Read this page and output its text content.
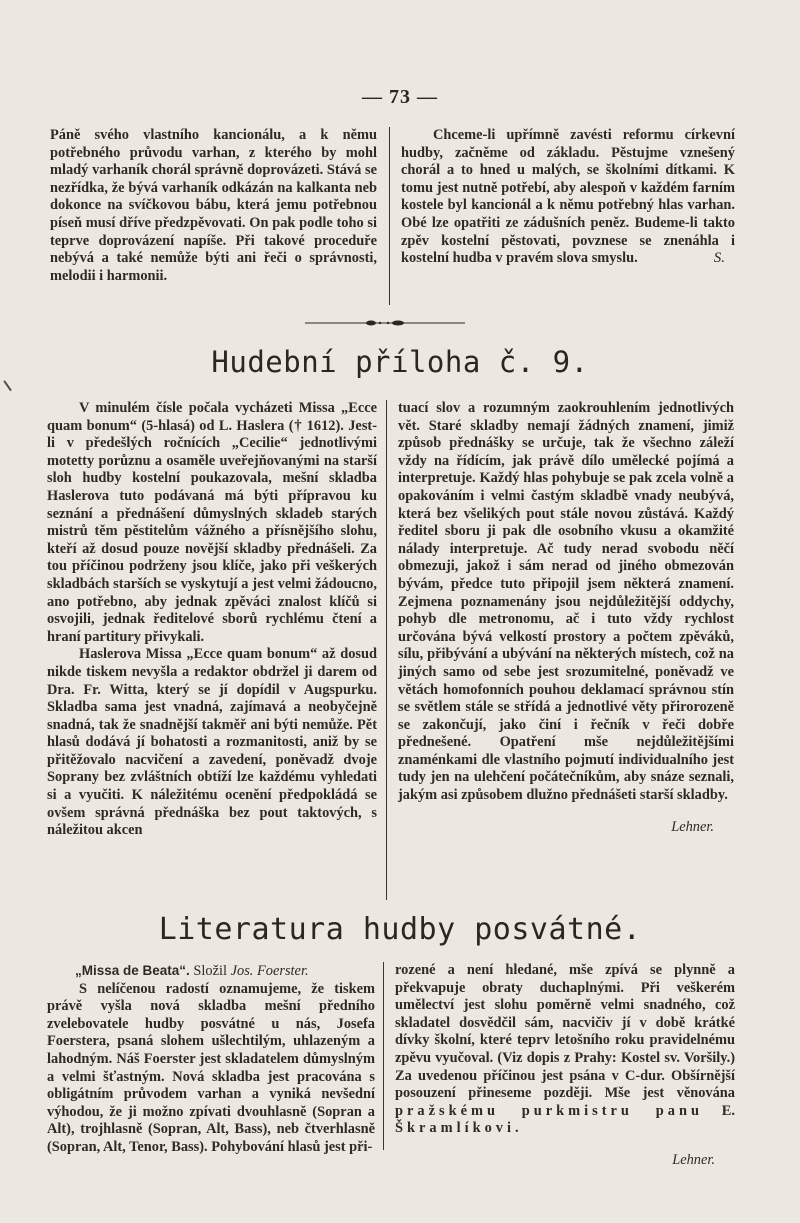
— 73 —

Páně svého vlastního kancionálu, a k němu potřebného průvodu varhan, z kterého by mohl mladý varhaník chorál správně doprovázeti. Stává se nezřídka, že bývá varhaník odkázán na kalkanta neb dokonce na svíčkovou bábu, která jemu potřebnou píseň musí dříve předzpěvovati. On pak podle toho si teprve doprovázení napíše. Při takové proceduře nebývá a také nemůže býti ani řeči o správnosti, melodii i harmonii.

Chceme-li upřímně zavésti reformu církevní hudby, začněme od základu. Pěstujme vznešený chorál a to hned u malých, se školními dítkami. K tomu jest nutně potřebí, aby alespoň v každém farním kostele byl kancionál a k němu potřebný hlas varhan. Obé lze opatřiti ze zádušních peněz. Budeme-li takto zpěv kostelní pěstovati, povznese se znenáhla i kostelní hudba v pravém slova smyslu.	S.
Hudební příloha č. 9.

V minulém čísle počala vycházeti Missa „Ecce quam bonum“ (5-hlasá) od L. Haslera († 1612). Jest-li v předešlých ročnících „Cecilie“ jednotlivými motetty porůznu a osaměle uveřejňovanými na starší sloh hudby kostelní poukazovala, mešní skladba Haslerova tuto podávaná má býti přípravou ku seznání a přednášení důmyslných skladeb starých mistrů těm pěstitelům vážného a přísnějšího slohu, kteří až dosud pouze novější skladby přednášeli. Za tou příčinou podrženy jsou klíče, jako při veškerých skladbách starších se vyskytují a jest velmi žádoucno, ano potřebno, aby jednak zpěváci znalost klíčů si osvojili, jednak ředitelové sborů rychlému čtení a hraní partitury přivykali.

Haslerova Missa „Ecce quam bonum“ až dosud nikde tiskem nevyšla a redaktor obdržel ji darem od Dra. Fr. Witta, který se jí dopídil v Augspurku. Skladba sama jest vnadná, zajímavá a neobyčejně snadná, tak že snadnější takměř ani býti nemůže. Pět hlasů dodává jí bohatosti a rozmanitosti, aniž by se přitěžovalo nacvičení a zavedení, poněvadž dvoje Soprany bez zvláštních obtíží lze každému vyhledati si a vyučiti. K náležitému ocenění předpokládá se ovšem správná přednáška bez pout taktových, s náležitou akcen

tuací slov a rozumným zaokrouhlením jednotlivých vět. Staré skladby nemají žádných znamení, jimiž způsob přednášky se určuje, tak že všechno záleží vždy na řídícím, jak právě dílo umělecké pojímá a interpretuje. Každý hlas pohybuje se pak zcela volně a opakováním i velmi častým skladbě vnady neubývá, která bez všelikých pout stále novou zůstává. Každý ředitel sboru ji pak dle osobního vkusu a okamžité nálady interpretuje. Ač tudy nerad svobodu něčí obmezuji, jakož i sám nerad od jiného obmezován bývám, předce tuto připojil jsem některá znamení. Zejmena poznamenány jsou nejdůležitější oddychy, pohyb dle metronomu, ač i tuto vždy rychlost určována bývá velkostí prostory a počtem zpěváků, sílu, přibývání a ubývání na některých místech, což na jiných samo od sebe jest srozumitelné, poněvadž ve větách homofonních pouhou deklamací správnou stín se světlem stále se střídá a jednotlivé věty přirorozeně se zakončují, jako činí i řečník v řeči dobře přednešené. Opatření mše nejdůležitějšími znaménkami dle vlastního pojmutí individualního jest tudy jen na ulehčení počátečníkům, aby snáze seznali, jakým asi způsobem dlužno přednášeti starší skladby.

Lehner.
Literatura hudby posvátné.

„Missa de Beata“. Složil Jos. Foerster.

S nelíčenou radostí oznamujeme, že tiskem právě vyšla nová skladba mešní předního zvelebovatele hudby posvátné u nás, Josefa Foerstera, psaná slohem ušlechtilým, uhlazeným a lahodným. Náš Foerster jest skladatelem důmyslným a velmi šťastným. Nová skladba jest pracována s obligátním průvodem varhan a vyniká nevšední výhodou, že ji možno zpívati dvouhlasně (Sopran a Alt), trojhlasně (Sopran, Alt, Bass), neb čtverhlasně (Sopran, Alt, Tenor, Bass). Pohybování hlasů jest při-

rozené a není hledané, mše zpívá se plynně a překvapuje obraty duchaplnými. Při veškerém umělectví jest slohu poměrně velmi snadného, což skladatel dosvědčil sám, nacvičiv jí v době krátké dívky školní, které teprv letošního roku pravidelnému zpěvu vyučoval. (Viz dopis z Prahy: Kostel sv. Voršily.) Za uvedenou příčinou jest psána v C-dur. Obšírnější posouzení přineseme později. Mše jest věnována pražskému purkmistru panu E. Škramlíkovi.

Lehner.
